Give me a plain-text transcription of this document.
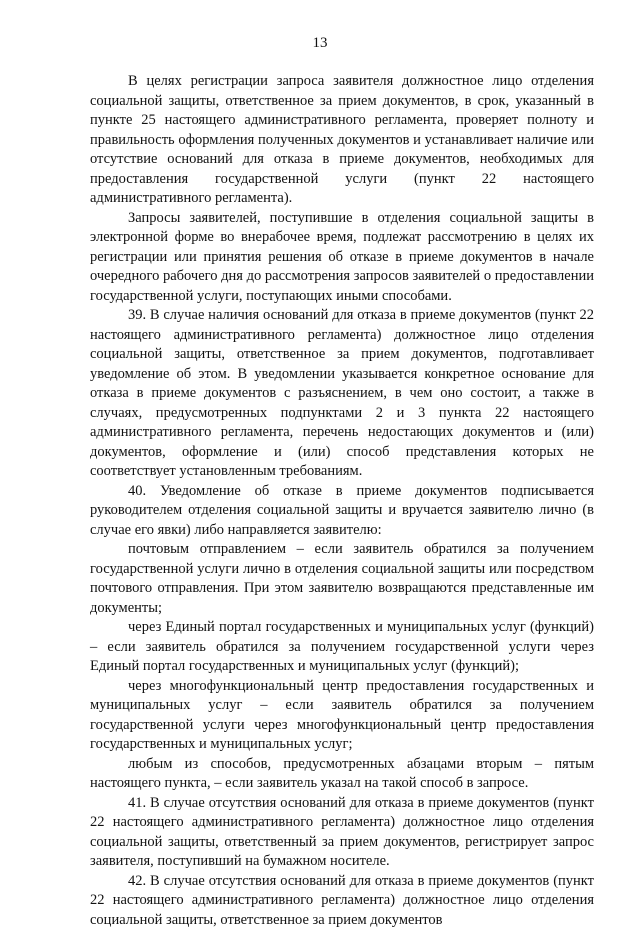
13

В целях регистрации запроса заявителя должностное лицо отделения социальной защиты, ответственное за прием документов, в срок, указанный в пункте 25 настоящего административного регламента, проверяет полноту и правильность оформления полученных документов и устанавливает наличие или отсутствие оснований для отказа в приеме документов, необходимых для предоставления государственной услуги (пункт 22 настоящего административного регламента).

Запросы заявителей, поступившие в отделения социальной защиты в электронной форме во внерабочее время, подлежат рассмотрению в целях их регистрации или принятия решения об отказе в приеме документов в начале очередного рабочего дня до рассмотрения запросов заявителей о предоставлении государственной услуги, поступающих иными способами.

39. В случае наличия оснований для отказа в приеме документов (пункт 22 настоящего административного регламента) должностное лицо отделения социальной защиты, ответственное за прием документов, подготавливает уведомление об этом. В уведомлении указывается конкретное основание для отказа в приеме документов с разъяснением, в чем оно состоит, а также в случаях, предусмотренных подпунктами 2 и 3 пункта 22 настоящего административного регламента, перечень недостающих документов и (или) документов, оформление и (или) способ представления которых не соответствует установленным требованиям.

40. Уведомление об отказе в приеме документов подписывается руководителем отделения социальной защиты и вручается заявителю лично (в случае его явки) либо направляется заявителю:

почтовым отправлением – если заявитель обратился за получением государственной услуги лично в отделения социальной защиты или посредством почтового отправления. При этом заявителю возвращаются представленные им документы;

через Единый портал государственных и муниципальных услуг (функций) – если заявитель обратился за получением государственной услуги через Единый портал государственных и муниципальных услуг (функций);

через многофункциональный центр предоставления государственных и муниципальных услуг – если заявитель обратился за получением государственной услуги через многофункциональный центр предоставления государственных и муниципальных услуг;

любым из способов, предусмотренных абзацами вторым – пятым настоящего пункта, – если заявитель указал на такой способ в запросе.

41. В случае отсутствия оснований для отказа в приеме документов (пункт 22 настоящего административного регламента) должностное лицо отделения социальной защиты, ответственный за прием документов, регистрирует запрос заявителя, поступивший на бумажном носителе.

42. В случае отсутствия оснований для отказа в приеме документов (пункт 22 настоящего административного регламента) должностное лицо отделения социальной защиты, ответственное за прием документов
